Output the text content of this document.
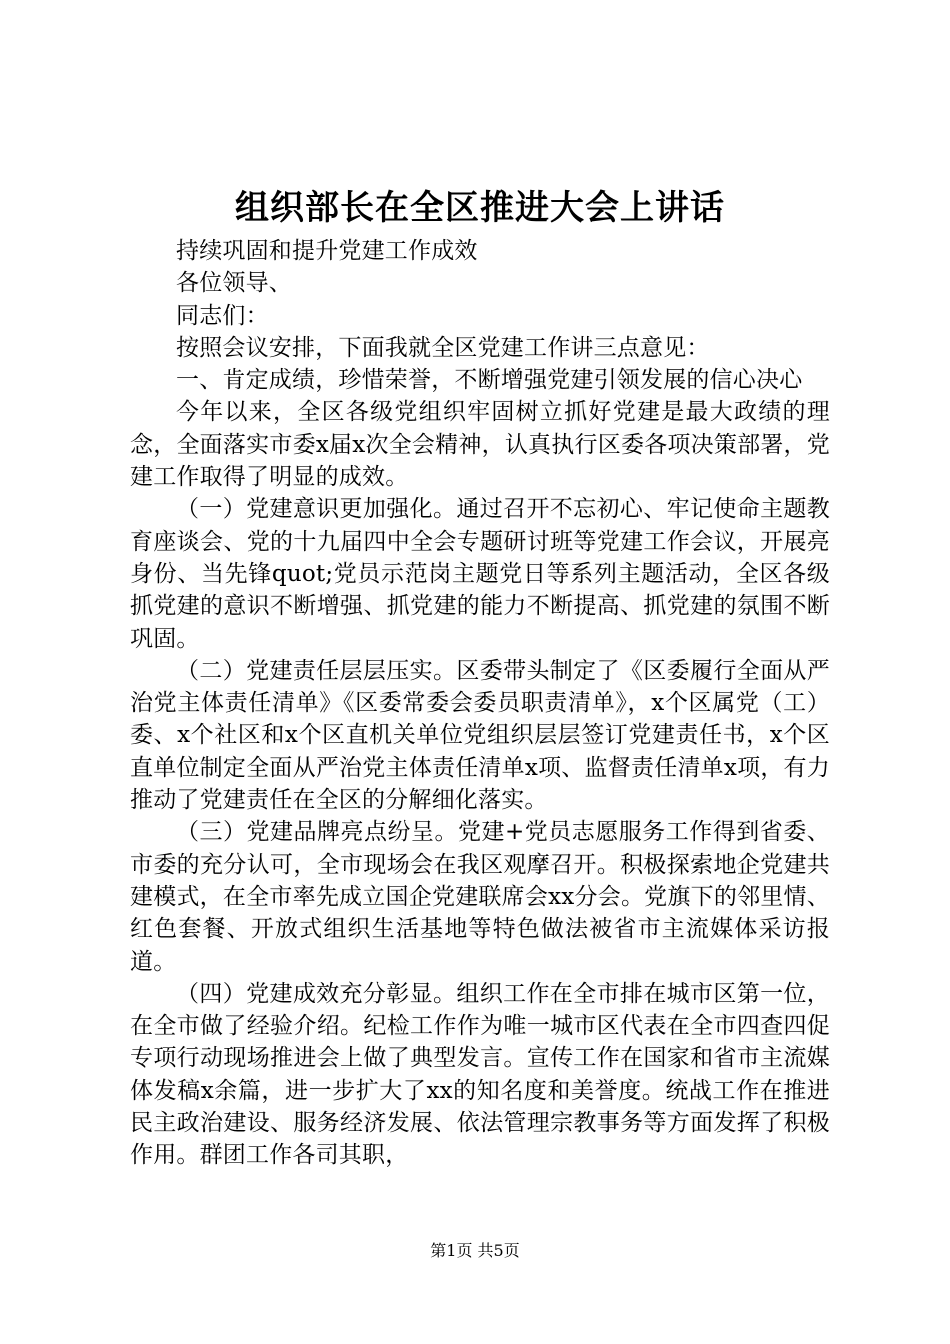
组织部长在全区推进大会上讲话

持续巩固和提升党建工作成效

各位领导、

同志们：

按照会议安排，下面我就全区党建工作讲三点意见：

一、肯定成绩，珍惜荣誉，不断增强党建引领发展的信心决心

今年以来，全区各级党组织牢固树立抓好党建是最大政绩的理念，全面落实市委x届x次全会精神，认真执行区委各项决策部署，党建工作取得了明显的成效。

（一）党建意识更加强化。通过召开不忘初心、牢记使命主题教育座谈会、党的十九届四中全会专题研讨班等党建工作会议，开展亮身份、当先锋quot;党员示范岗主题党日等系列主题活动，全区各级抓党建的意识不断增强、抓党建的能力不断提高、抓党建的氛围不断巩固。

（二）党建责任层层压实。区委带头制定了《区委履行全面从严治党主体责任清单》《区委常委会委员职责清单》，x个区属党（工）委、x个社区和x个区直机关单位党组织层层签订党建责任书，x个区直单位制定全面从严治党主体责任清单x项、监督责任清单x项，有力推动了党建责任在全区的分解细化落实。

（三）党建品牌亮点纷呈。党建+党员志愿服务工作得到省委、市委的充分认可，全市现场会在我区观摩召开。积极探索地企党建共建模式，在全市率先成立国企党建联席会xx分会。党旗下的邻里情、红色套餐、开放式组织生活基地等特色做法被省市主流媒体采访报道。

（四）党建成效充分彰显。组织工作在全市排在城市区第一位，在全市做了经验介绍。纪检工作作为唯一城市区代表在全市四查四促专项行动现场推进会上做了典型发言。宣传工作在国家和省市主流媒体发稿x余篇，进一步扩大了xx的知名度和美誉度。统战工作在推进民主政治建设、服务经济发展、依法管理宗教事务等方面发挥了积极作用。群团工作各司其职，

第1页 共5页
